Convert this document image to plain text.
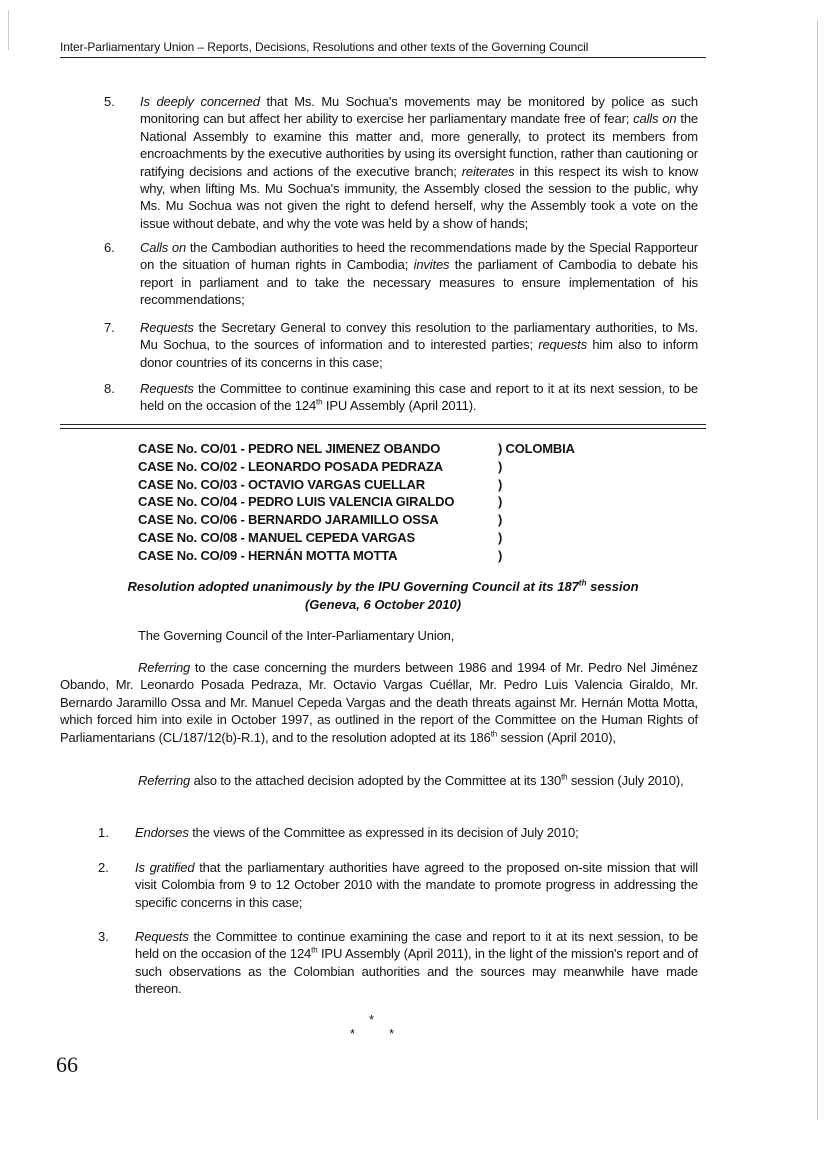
Inter-Parliamentary Union – Reports, Decisions, Resolutions and other texts of the Governing Council
5. Is deeply concerned that Ms. Mu Sochua's movements may be monitored by police as such monitoring can but affect her ability to exercise her parliamentary mandate free of fear; calls on the National Assembly to examine this matter and, more generally, to protect its members from encroachments by the executive authorities by using its oversight function, rather than cautioning or ratifying decisions and actions of the executive branch; reiterates in this respect its wish to know why, when lifting Ms. Mu Sochua's immunity, the Assembly closed the session to the public, why Ms. Mu Sochua was not given the right to defend herself, why the Assembly took a vote on the issue without debate, and why the vote was held by a show of hands;
6. Calls on the Cambodian authorities to heed the recommendations made by the Special Rapporteur on the situation of human rights in Cambodia; invites the parliament of Cambodia to debate his report in parliament and to take the necessary measures to ensure implementation of his recommendations;
7. Requests the Secretary General to convey this resolution to the parliamentary authorities, to Ms. Mu Sochua, to the sources of information and to interested parties; requests him also to inform donor countries of its concerns in this case;
8. Requests the Committee to continue examining this case and report to it at its next session, to be held on the occasion of the 124th IPU Assembly (April 2011).
CASE No. CO/01 - PEDRO NEL JIMENEZ OBANDO	) COLOMBIA
CASE No. CO/02 - LEONARDO POSADA PEDRAZA	)
CASE No. CO/03 - OCTAVIO VARGAS CUELLAR	)
CASE No. CO/04 - PEDRO LUIS VALENCIA GIRALDO	)
CASE No. CO/06 - BERNARDO JARAMILLO OSSA	)
CASE No. CO/08 - MANUEL CEPEDA VARGAS	)
CASE No. CO/09 - HERNÁN MOTTA MOTTA	)
Resolution adopted unanimously by the IPU Governing Council at its 187th session
(Geneva, 6 October 2010)
The Governing Council of the Inter-Parliamentary Union,
Referring to the case concerning the murders between 1986 and 1994 of Mr. Pedro Nel Jiménez Obando, Mr. Leonardo Posada Pedraza, Mr. Octavio Vargas Cuéllar, Mr. Pedro Luis Valencia Giraldo, Mr. Bernardo Jaramillo Ossa and Mr. Manuel Cepeda Vargas and the death threats against Mr. Hernán Motta Motta, which forced him into exile in October 1997, as outlined in the report of the Committee on the Human Rights of Parliamentarians (CL/187/12(b)-R.1), and to the resolution adopted at its 186th session (April 2010),
Referring also to the attached decision adopted by the Committee at its 130th session (July 2010),
1. Endorses the views of the Committee as expressed in its decision of July 2010;
2. Is gratified that the parliamentary authorities have agreed to the proposed on-site mission that will visit Colombia from 9 to 12 October 2010 with the mandate to promote progress in addressing the specific concerns in this case;
3. Requests the Committee to continue examining the case and report to it at its next session, to be held on the occasion of the 124th IPU Assembly (April 2011), in the light of the mission's report and of such observations as the Colombian authorities and the sources may meanwhile have made thereon.
*
*	*
66
